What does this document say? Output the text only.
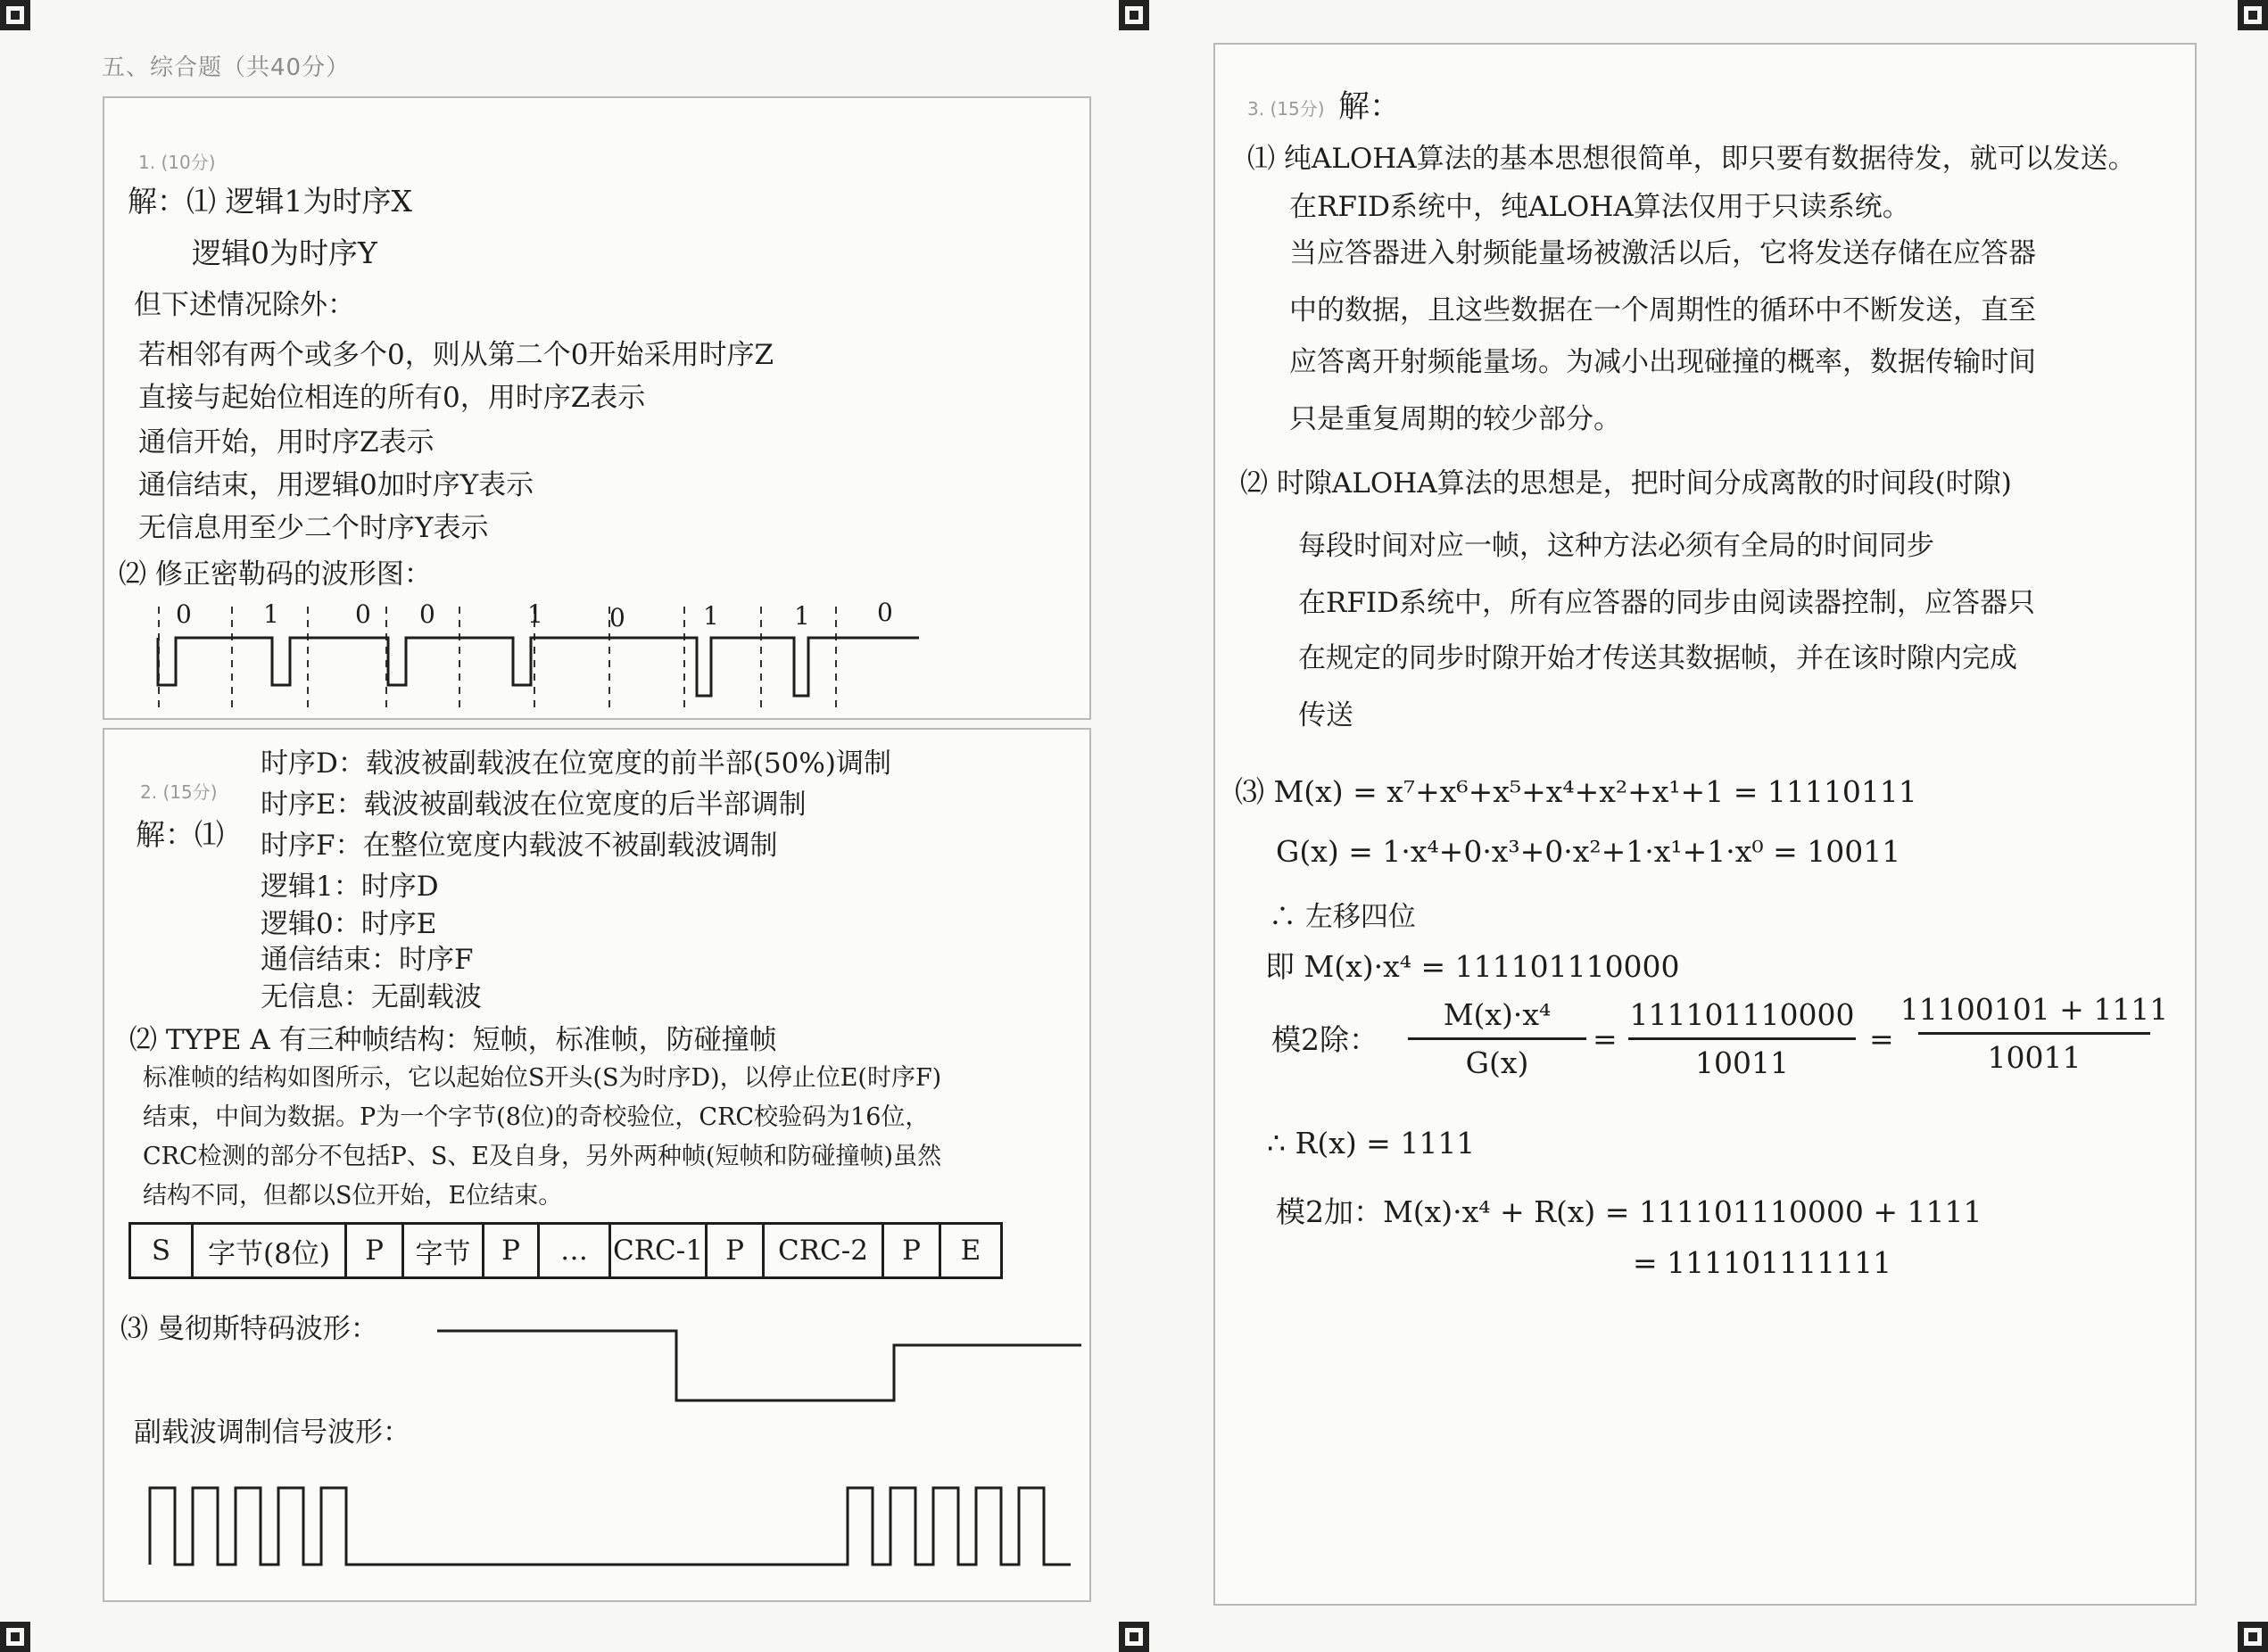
五、综合题（共40分）
1. (10分)
解：⑴ 逻辑1为时序X
逻辑0为时序Y
但下述情况除外：
若相邻有两个或多个0，则从第二个0开始采用时序Z
直接与起始位相连的所有0，用时序Z表示
通信开始，用时序Z表示
通信结束，用逻辑0加时序Y表示
无信息用至少二个时序Y表示
⑵ 修正密勒码的波形图：
0	1	0 0	1	0	1	1	0
2. (15分)
解：⑴
时序D：载波被副载波在位宽度的前半部(50%)调制
时序E：载波被副载波在位宽度的后半部调制
时序F：在整位宽度内载波不被副载波调制
逻辑1：时序D
逻辑0：时序E
通信结束：时序F
无信息：无副载波
⑵ TYPE A 有三种帧结构：短帧，标准帧，防碰撞帧
标准帧的结构如图所示，它以起始位S开头(S为时序D)，以停止位E(时序F)
结束，中间为数据。P为一个字节(8位)的奇校验位，CRC校验码为16位，
CRC检测的部分不包括P、S、E及自身，另外两种帧(短帧和防碰撞帧)虽然
结构不同，但都以S位开始，E位结束。
S	字节(8位)	P	字节	P	… CRC-1 P	CRC-2	P	E
⑶ 曼彻斯特码波形：
副载波调制信号波形：
3. (15分) 解：
⑴ 纯ALOHA算法的基本思想很简单，即只要有数据待发，就可以发送。
在RFID系统中，纯ALOHA算法仅用于只读系统。
当应答器进入射频能量场被激活以后，它将发送存储在应答器
中的数据，且这些数据在一个周期性的循环中不断发送，直至
应答离开射频能量场。为减小出现碰撞的概率，数据传输时间
只是重复周期的较少部分。
⑵ 时隙ALOHA算法的思想是，把时间分成离散的时间段(时隙)
每段时间对应一帧，这种方法必须有全局的时间同步
在RFID系统中，所有应答器的同步由阅读器控制，应答器只
在规定的同步时隙开始才传送其数据帧，并在该时隙内完成
传送
⑶ M(x) = x⁷+x⁶+x⁵+x⁴+x²+x¹+1 = 11110111
G(x) = 1·x⁴+0·x³+0·x²+1·x¹+1·x⁰ = 10011
∴ 左移四位
即 M(x)·x⁴ = 111101110000
模2除：
M(x)·x⁴
G(x)
=
111101110000
10011
=
11100101 + 1111
10011
∴ R(x) = 1111
模2加：M(x)·x⁴ + R(x) = 111101110000 + 1111
= 111101111111
